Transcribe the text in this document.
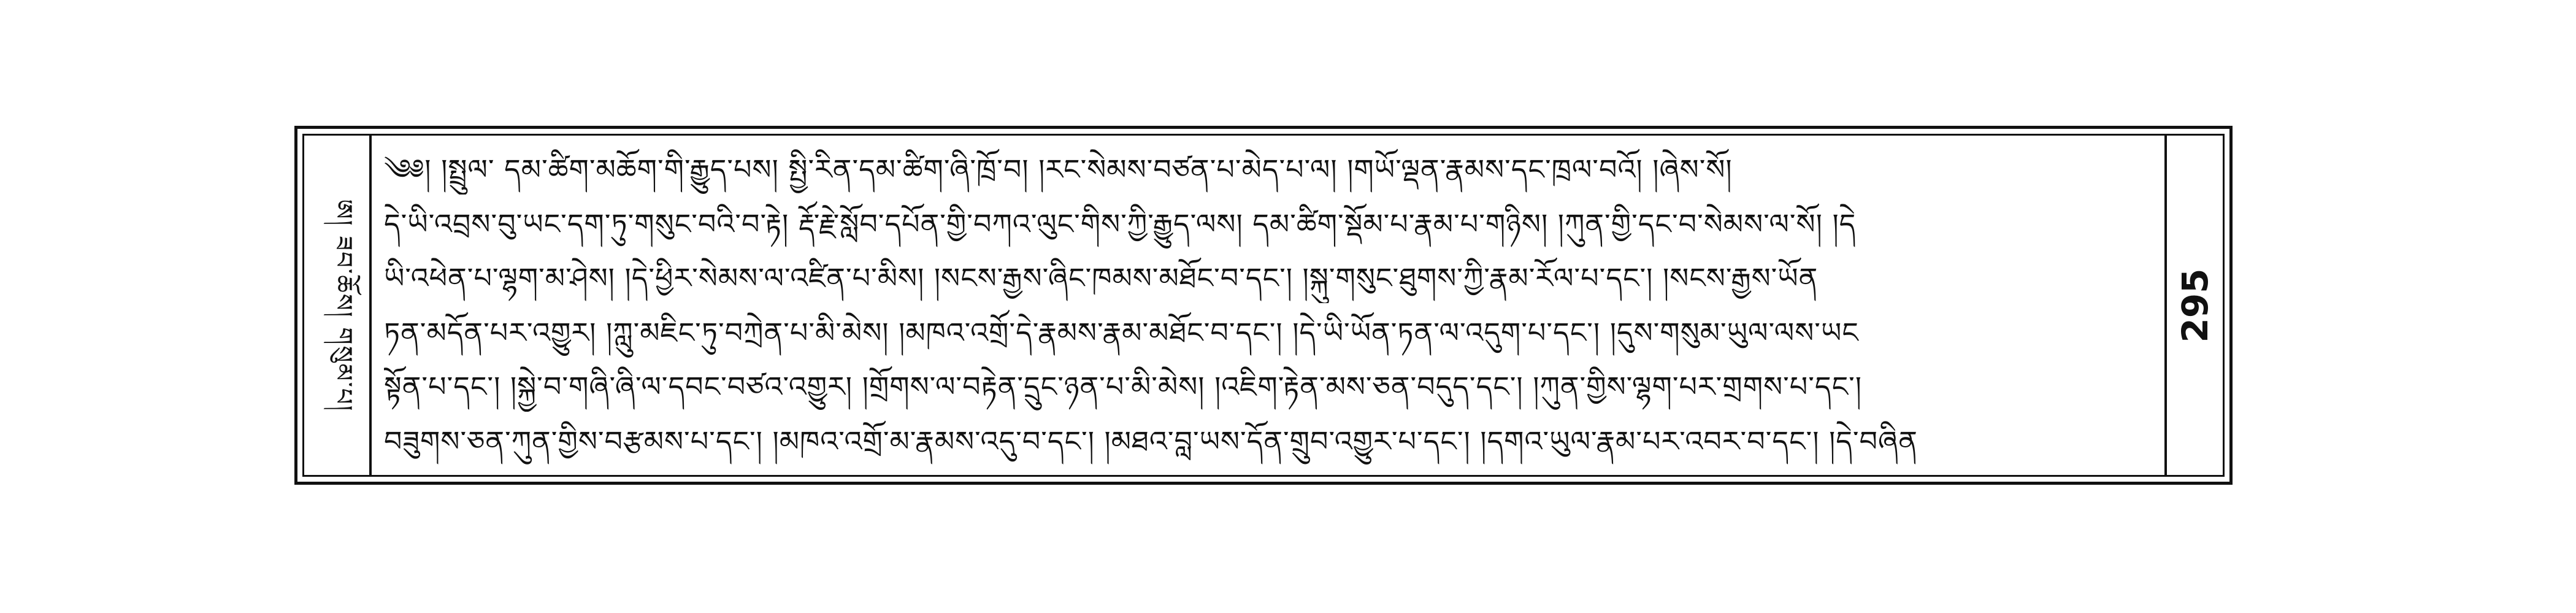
ཨ། ཟབ་ཆོས། གསུམ་པ།
༄༅། །སྤྲུལ་ དམ་ཚིག་མཆོག་གི་རྒྱུད་པས། སྤྱི་རིན་དམ་ཚིག་ཞི་ཁྲོ་བ། །རང་སེམས་བཙན་པ་མེད་པ་ལ། །གཡོ་ལྡན་རྣམས་དང་ཁྲལ་བའོ། །ཞེས་སོ།
དེ་ཡི་འབྲས་བུ་ཡང་དག་ཏུ་གསུང་བའི་བ་རྟེ། རྡོ་རྗེ་སློབ་དཔོན་གྱི་བཀའ་ལུང་གིས་ཀྱི་རྒྱུད་ལས། དམ་ཚིག་སྡོམ་པ་རྣམ་པ་གཉིས། །ཀུན་གྱི་དང་བ་སེམས་ལ་སོ། །དེ
ཡི་འཕེན་པ་ལྷག་མ་ཤེས། །དེ་ཕྱིར་སེམས་ལ་འཛིན་པ་མིས། །སངས་རྒྱས་ཞིང་ཁམས་མཐོང་བ་དང་། །སྐུ་གསུང་ཐུགས་ཀྱི་རྣམ་རོལ་པ་དང་། །སངས་རྒྱས་ཡོན
ཏན་མདོན་པར་འགྱུར། །ཀླུ་མཇིང་ཏུ་བཀྲེན་པ་མི་མེས། །མཁའ་འགྲོ་དེ་རྣམས་རྣམ་མཐོང་བ་དང་། །དེ་ཡི་ཡོན་ཏན་ལ་འདུག་པ་དང་། །དུས་གསུམ་ཡུལ་ལས་ཡང
སྟོན་པ་དང་། །སྐྱེ་བ་གཞི་ཞི་ལ་དབང་བཙའ་འགྱུར། །གྲོགས་ལ་བརྟེན་དྲུང་ཉན་པ་མི་མེས། །འཇིག་རྟེན་མས་ཅན་བདུད་དང་། །ཀུན་གྱིས་ལྷག་པར་གྲགས་པ་དང་།
བཟུགས་ཅན་ཀུན་གྱིས་བརྩམས་པ་དང་། །མཁའ་འགྲོ་མ་རྣམས་འདུ་བ་དང་། །མཐའ་བླ་ཡས་དོན་གྲུབ་འགྱུར་པ་དང་། །དགའ་ཡུལ་རྣམ་པར་འབར་བ་དང་། །དེ་བཞིན
295
